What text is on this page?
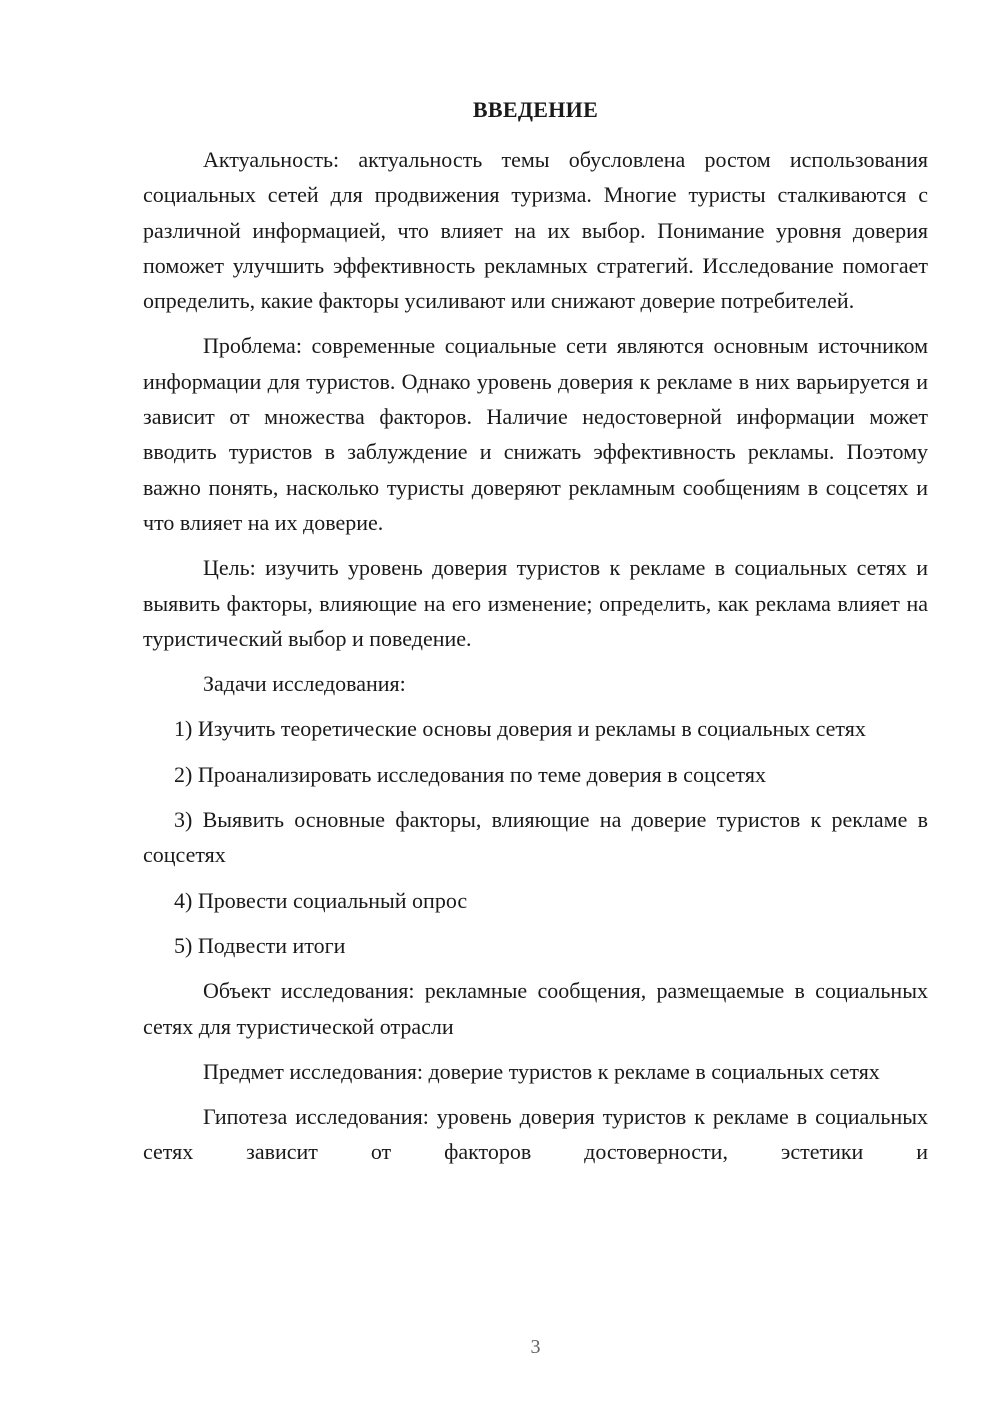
ВВЕДЕНИЕ

Актуальность: актуальность темы обусловлена ростом использования социальных сетей для продвижения туризма. Многие туристы сталкиваются с различной информацией, что влияет на их выбор. Понимание уровня доверия поможет улучшить эффективность рекламных стратегий. Исследование помогает определить, какие факторы усиливают или снижают доверие потребителей.

Проблема: современные социальные сети являются основным источником информации для туристов. Однако уровень доверия к рекламе в них варьируется и зависит от множества факторов. Наличие недостоверной информации может вводить туристов в заблуждение и снижать эффективность рекламы. Поэтому важно понять, насколько туристы доверяют рекламным сообщениям в соцсетях и что влияет на их доверие.

Цель: изучить уровень доверия туристов к рекламе в социальных сетях и выявить факторы, влияющие на его изменение; определить, как реклама влияет на туристический выбор и поведение.

Задачи исследования:

1) Изучить теоретические основы доверия и рекламы в социальных сетях

2) Проанализировать исследования по теме доверия в соцсетях

3) Выявить основные факторы, влияющие на доверие туристов к рекламе в соцсетях

4) Провести социальный опрос

5) Подвести итоги

Объект исследования: рекламные сообщения, размещаемые в социальных сетях для туристической отрасли

Предмет исследования: доверие туристов к рекламе в социальных сетях

Гипотеза исследования: уровень доверия туристов к рекламе в социальных сетях зависит от факторов достоверности, эстетики и

3
